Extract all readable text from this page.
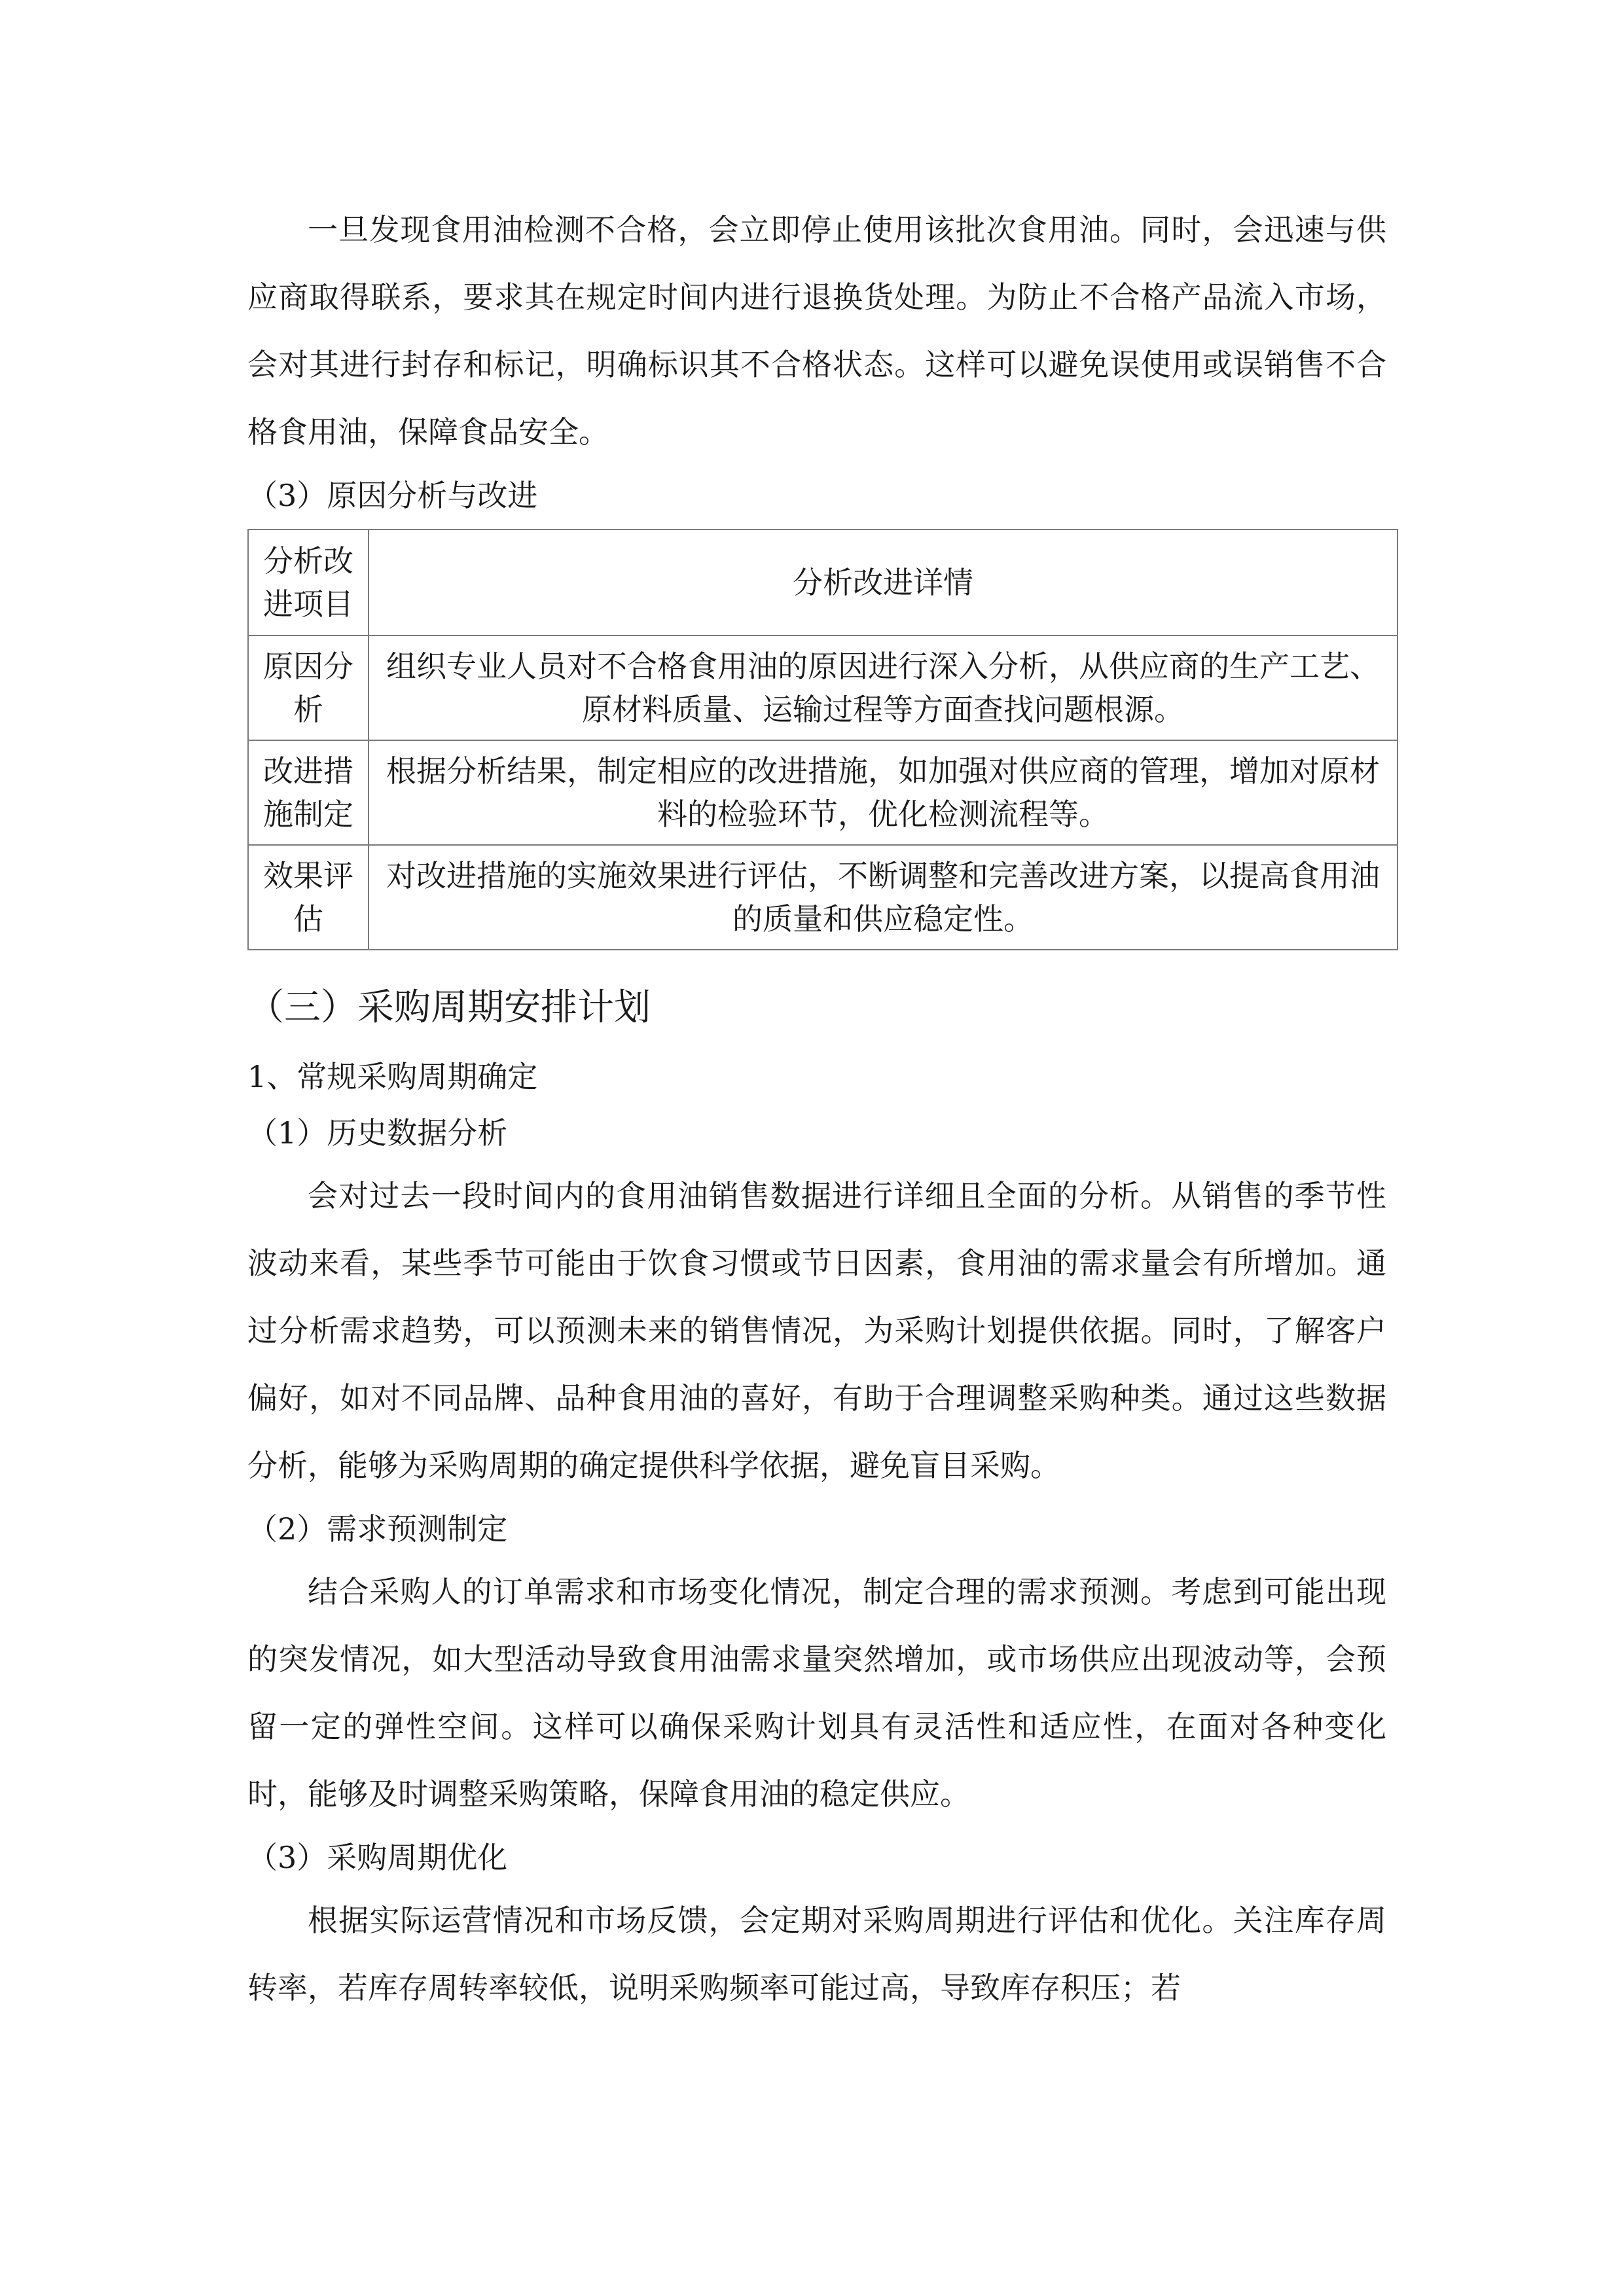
一旦发现食用油检测不合格，会立即停止使用该批次食用油。同时，会迅速与供应商取得联系，要求其在规定时间内进行退换货处理。为防止不合格产品流入市场，会对其进行封存和标记，明确标识其不合格状态。这样可以避免误使用或误销售不合格食用油，保障食品安全。

（3）原因分析与改进

分析改进项目	分析改进详情
原因分析	组织专业人员对不合格食用油的原因进行深入分析，从供应商的生产工艺、原材料质量、运输过程等方面查找问题根源。
改进措施制定	根据分析结果，制定相应的改进措施，如加强对供应商的管理，增加对原材料的检验环节，优化检测流程等。
效果评估	对改进措施的实施效果进行评估，不断调整和完善改进方案，以提高食用油的质量和供应稳定性。
（三）采购周期安排计划

1、常规采购周期确定

（1）历史数据分析

会对过去一段时间内的食用油销售数据进行详细且全面的分析。从销售的季节性波动来看，某些季节可能由于饮食习惯或节日因素，食用油的需求量会有所增加。通过分析需求趋势，可以预测未来的销售情况，为采购计划提供依据。同时，了解客户偏好，如对不同品牌、品种食用油的喜好，有助于合理调整采购种类。通过这些数据分析，能够为采购周期的确定提供科学依据，避免盲目采购。

（2）需求预测制定

结合采购人的订单需求和市场变化情况，制定合理的需求预测。考虑到可能出现的突发情况，如大型活动导致食用油需求量突然增加，或市场供应出现波动等，会预留一定的弹性空间。这样可以确保采购计划具有灵活性和适应性，在面对各种变化时，能够及时调整采购策略，保障食用油的稳定供应。

（3）采购周期优化

根据实际运营情况和市场反馈，会定期对采购周期进行评估和优化。关注库存周转率，若库存周转率较低，说明采购频率可能过高，导致库存积压；若
